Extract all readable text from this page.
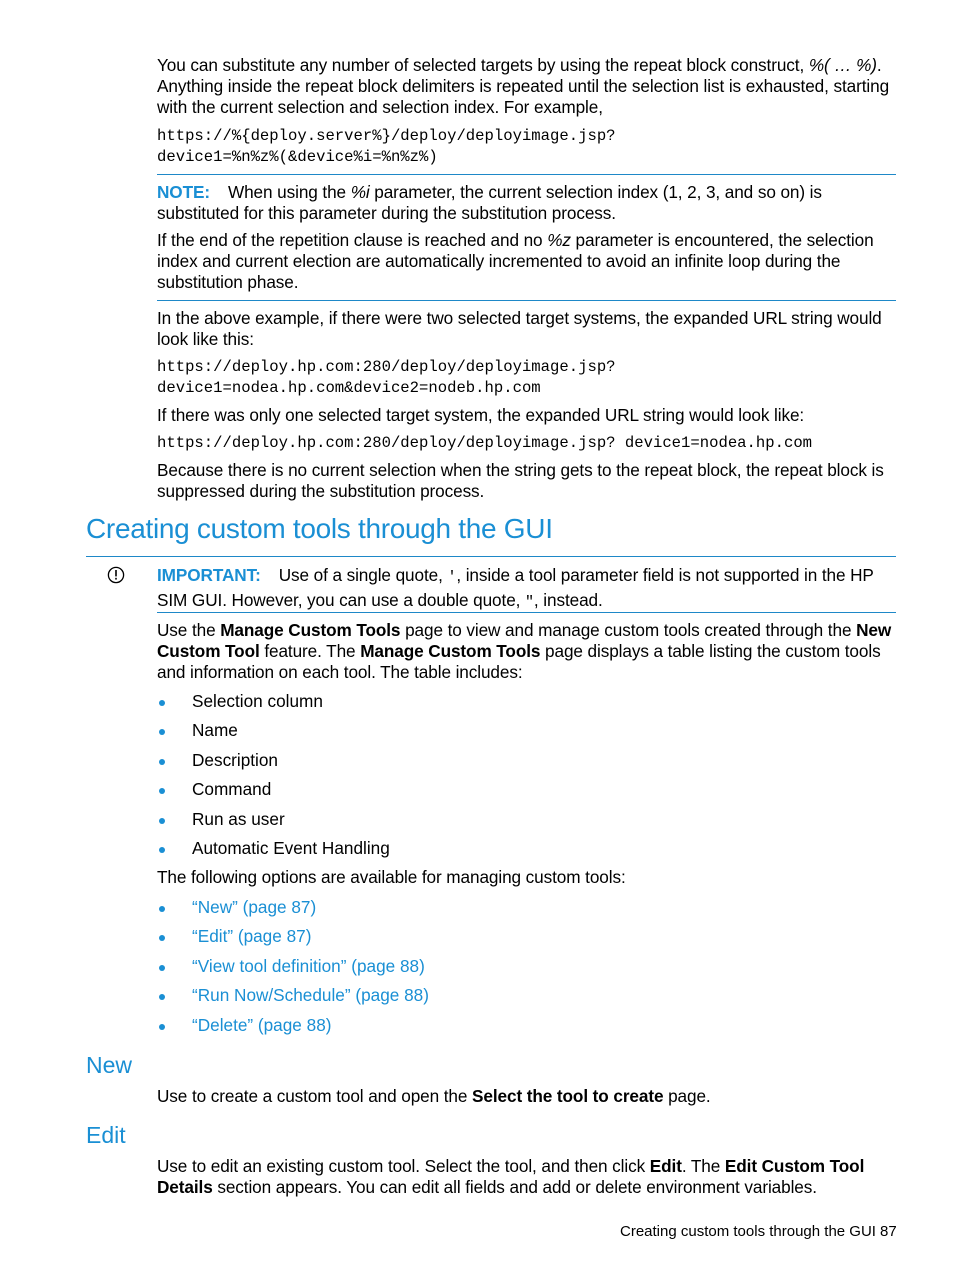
You can substitute any number of selected targets by using the repeat block construct, %( … %). Anything inside the repeat block delimiters is repeated until the selection list is exhausted, starting with the current selection and selection index. For example,
https://%{deploy.server%}/deploy/deployimage.jsp?
device1=%n%z%(&device%i=%n%z%)
NOTE: When using the %i parameter, the current selection index (1, 2, 3, and so on) is substituted for this parameter during the substitution process.
If the end of the repetition clause is reached and no %z parameter is encountered, the selection index and current election are automatically incremented to avoid an infinite loop during the substitution phase.
In the above example, if there were two selected target systems, the expanded URL string would look like this:
https://deploy.hp.com:280/deploy/deployimage.jsp?
device1=nodea.hp.com&device2=nodeb.hp.com
If there was only one selected target system, the expanded URL string would look like:
https://deploy.hp.com:280/deploy/deployimage.jsp? device1=nodea.hp.com
Because there is no current selection when the string gets to the repeat block, the repeat block is suppressed during the substitution process.
Creating custom tools through the GUI
IMPORTANT: Use of a single quote, ', inside a tool parameter field is not supported in the HP SIM GUI. However, you can use a double quote, ", instead.
Use the Manage Custom Tools page to view and manage custom tools created through the New Custom Tool feature. The Manage Custom Tools page displays a table listing the custom tools and information on each tool. The table includes:
Selection column
Name
Description
Command
Run as user
Automatic Event Handling
The following options are available for managing custom tools:
“New” (page 87)
“Edit” (page 87)
“View tool definition” (page 88)
“Run Now/Schedule” (page 88)
“Delete” (page 88)
New
Use to create a custom tool and open the Select the tool to create page.
Edit
Use to edit an existing custom tool. Select the tool, and then click Edit. The Edit Custom Tool Details section appears. You can edit all fields and add or delete environment variables.
Creating custom tools through the GUI 87
